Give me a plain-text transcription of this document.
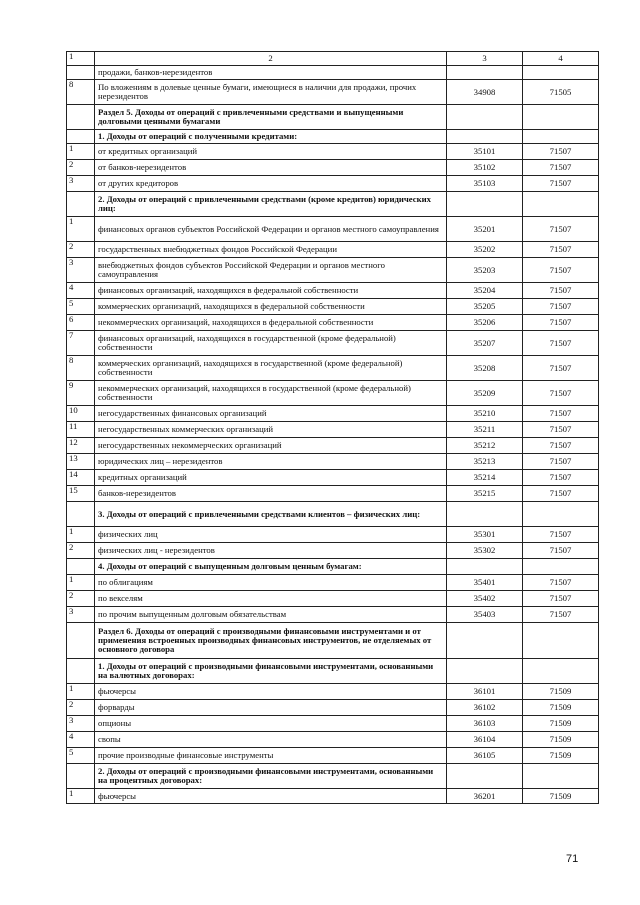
1	2	3	4
	продажи, банков-нерезидентов		
8	По вложениям в долевые ценные бумаги, имеющиеся в наличии для продажи, прочих нерезидентов	34908	71505
	Раздел 5. Доходы от операций с привлеченными средствами и выпущенными долговыми ценными бумагами		
	1. Доходы от операций с полученными кредитами:		
1	от кредитных организаций	35101	71507
2	от банков-нерезидентов	35102	71507
3	от других кредиторов	35103	71507
	2. Доходы от операций с привлеченными средствами (кроме кредитов) юридических лиц:		
1	финансовых органов субъектов Российской Федерации и органов местного самоуправления	35201	71507
2	государственных внебюджетных фондов Российской Федерации	35202	71507
3	внебюджетных фондов субъектов Российской Федерации и органов местного самоуправления	35203	71507
4	финансовых организаций, находящихся в федеральной собственности	35204	71507
5	коммерческих организаций, находящихся в федеральной собственности	35205	71507
6	некоммерческих организаций, находящихся в федеральной собственности	35206	71507
7	финансовых организаций, находящихся в государственной (кроме федеральной) собственности	35207	71507
8	коммерческих организаций, находящихся в государственной (кроме федеральной) собственности	35208	71507
9	некоммерческих организаций, находящихся в государственной (кроме федеральной) собственности	35209	71507
10	негосударственных финансовых организаций	35210	71507
11	негосударственных коммерческих организаций	35211	71507
12	негосударственных некоммерческих организаций	35212	71507
13	юридических лиц – нерезидентов	35213	71507
14	кредитных организаций	35214	71507
15	банков-нерезидентов	35215	71507
	3. Доходы от операций с привлеченными средствами клиентов – физических лиц:		
1	физических лиц	35301	71507
2	физических лиц - нерезидентов	35302	71507
	4. Доходы от операций с выпущенным долговым ценным бумагам:		
1	по облигациям	35401	71507
2	по векселям	35402	71507
3	по прочим выпущенным долговым обязательствам	35403	71507
	Раздел 6. Доходы от операций с производными финансовыми инструментами и от применения встроенных производных финансовых инструментов, не отделяемых от основного договора		
	1. Доходы от операций с производными финансовыми инструментами, основанными на валютных договорах:		
1	фьючерсы	36101	71509
2	форварды	36102	71509
3	опционы	36103	71509
4	свопы	36104	71509
5	прочие производные финансовые инструменты	36105	71509
	2. Доходы от операций с производными финансовыми инструментами, основанными на процентных договорах:		
1	фьючерсы	36201	71509
71
